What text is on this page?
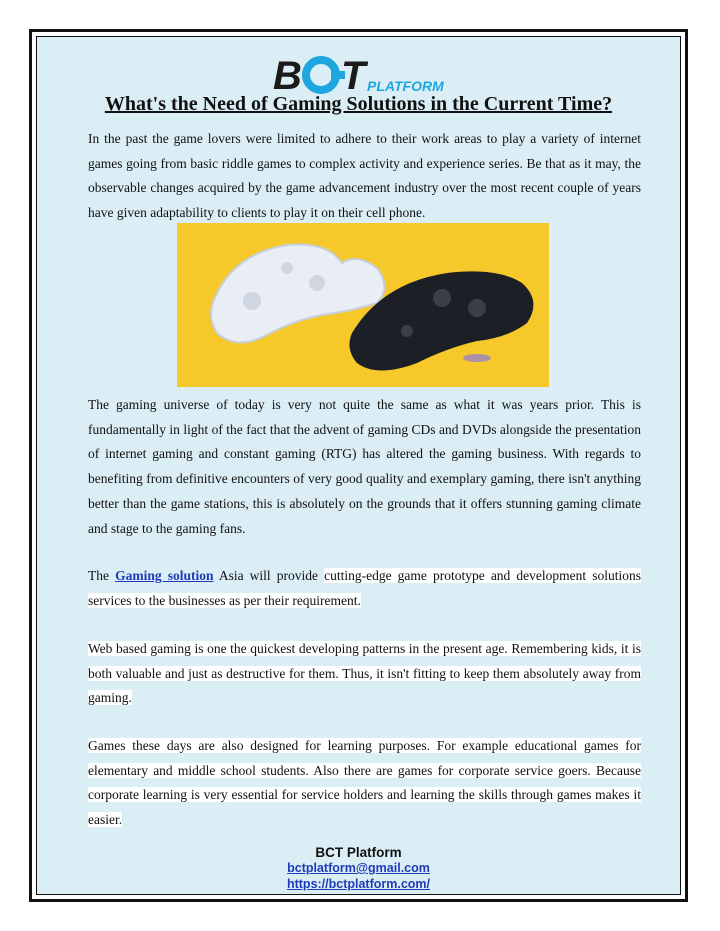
B T PLATFORM
What's the Need of Gaming Solutions in the Current Time?
In the past the game lovers were limited to adhere to their work areas to play a variety of internet games going from basic riddle games to complex activity and experience series. Be that as it may, the observable changes acquired by the game advancement industry over the most recent couple of years have given adaptability to clients to play it on their cell phone.
The gaming universe of today is very not quite the same as what it was years prior. This is fundamentally in light of the fact that the advent of gaming CDs and DVDs alongside the presentation of internet gaming and constant gaming (RTG) has altered the gaming business. With regards to benefiting from definitive encounters of very good quality and exemplary gaming, there isn't anything better than the game stations, this is absolutely on the grounds that it offers stunning gaming climate and stage to the gaming fans.
The Gaming solution Asia will provide cutting-edge game prototype and development solutions services to the businesses as per their requirement.
Web based gaming is one the quickest developing patterns in the present age. Remembering kids, it is both valuable and just as destructive for them. Thus, it isn't fitting to keep them absolutely away from gaming.
Games these days are also designed for learning purposes. For example educational games for elementary and middle school students. Also there are games for corporate service goers. Because corporate learning is very essential for service holders and learning the skills through games makes it easier.
BCT Platform
bctplatform@gmail.com
https://bctplatform.com/
